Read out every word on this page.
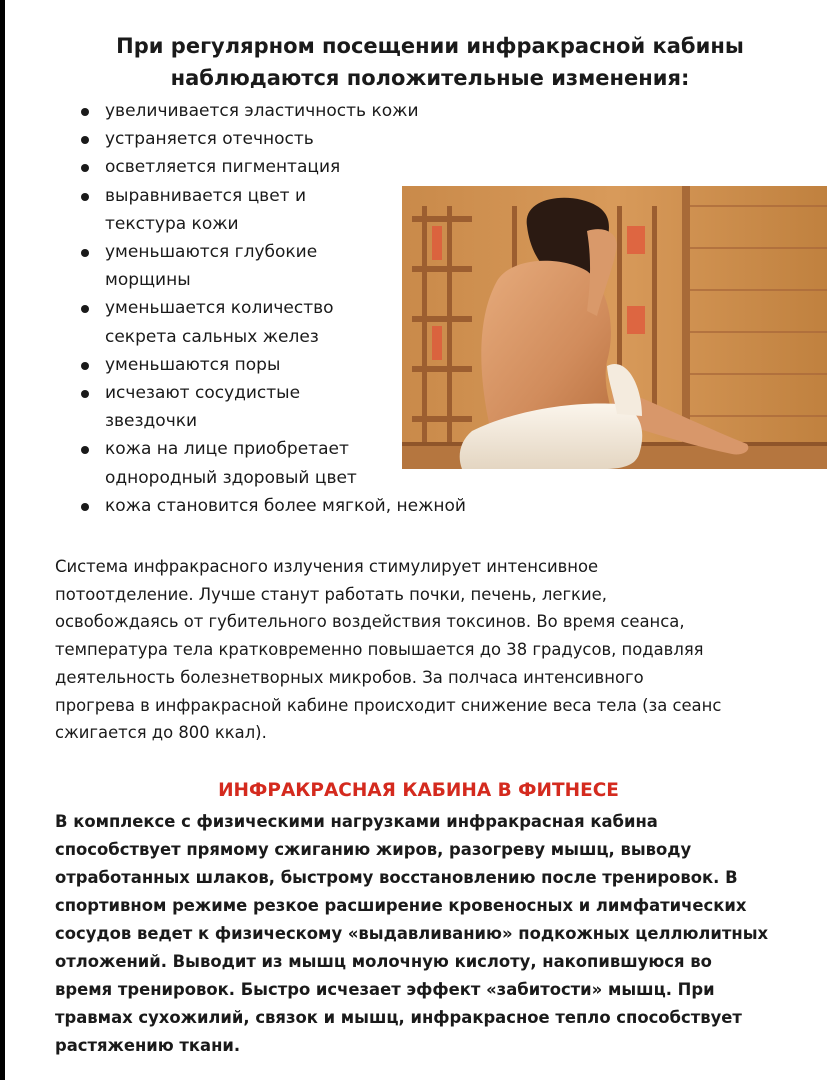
При регулярном посещении инфракрасной кабины
наблюдаются положительные изменения:
увеличивается эластичность кожи
устраняется отечность
осветляется пигментация
выравнивается цвет и
текстура кожи
уменьшаются глубокие
морщины
уменьшается количество
секрета сальных желез
уменьшаются поры
исчезают сосудистые
звездочки
кожа на лице приобретает
однородный здоровый цвет
кожа становится более мягкой, нежной

Система инфракрасного излучения стимулирует интенсивное
потоотделение. Лучше станут работать почки, печень, легкие,
освобождаясь от губительного воздействия токсинов. Во время сеанса,
температура тела кратковременно повышается до 38 градусов, подавляя
деятельность болезнетворных микробов. За полчаса интенсивного
прогрева в инфракрасной кабине происходит снижение веса тела (за сеанс
сжигается до 800 ккал).

ИНФРАКРАСНАЯ КАБИНА В ФИТНЕСЕ

В комплексе с физическими нагрузками инфракрасная кабина
способствует прямому сжиганию жиров, разогреву мышц, выводу
отработанных шлаков, быстрому восстановлению после тренировок. В
спортивном режиме резкое расширение кровеносных и лимфатических
сосудов ведет к физическому «выдавливанию» подкожных целлюлитных
отложений. Выводит из мышц молочную кислоту, накопившуюся во
время тренировок. Быстро исчезает эффект «забитости» мышц. При
травмах сухожилий, связок и мышц, инфракрасное тепло способствует
растяжению ткани.
